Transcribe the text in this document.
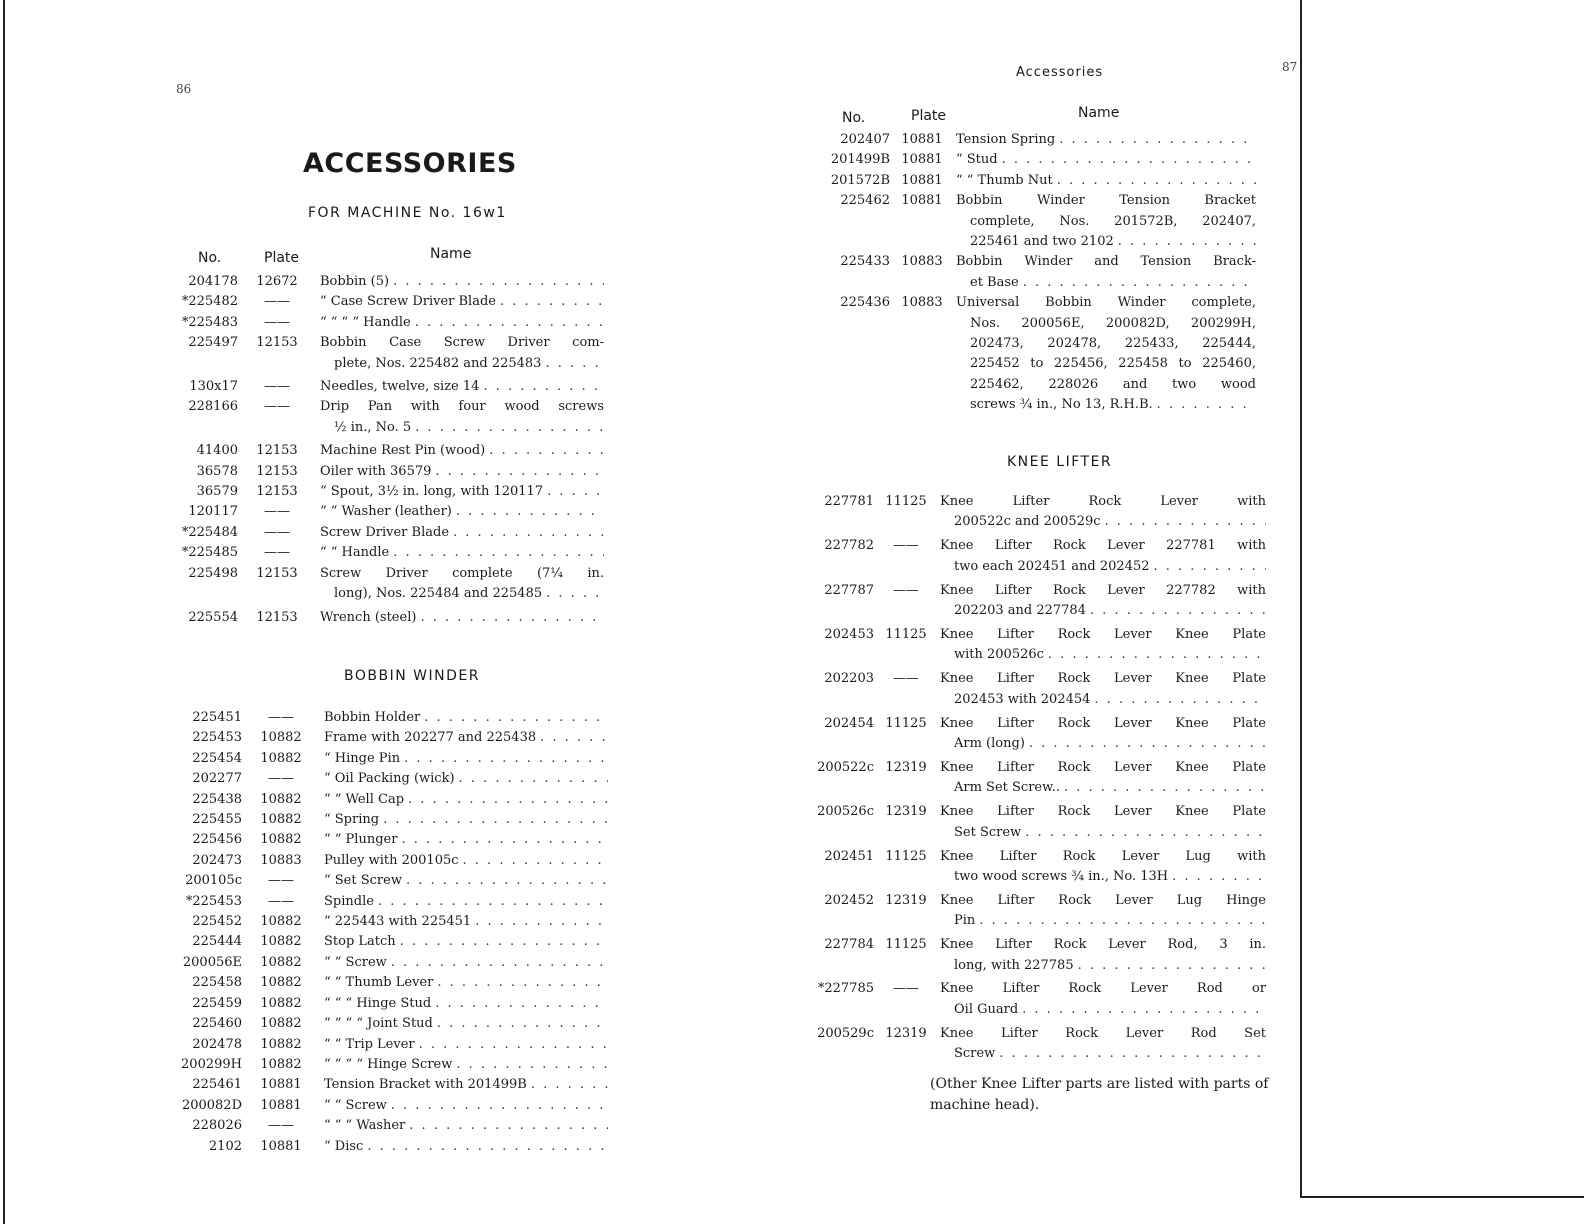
86
87
Accessories
ACCESSORIES
FOR MACHINE No. 16w1
No.	Plate	Name
204178	12672	Bobbin (5)
. . .
*225482	——	“ Case Screw Driver Blade
. . .
*225483	——	“ “ “ “ Handle
. . .
225497	12153	Bobbin Case Screw Driver com-
plete, Nos. 225482 and 225483
. . .
130x17	——	Needles, twelve, size 14
. . .
228166	——	Drip Pan with four wood screws
½ in., No. 5
. . .
41400	12153	Machine Rest Pin (wood)
. . .
36578	12153	Oiler with 36579
. . .
36579	12153	“ Spout, 3½ in. long, with 120117
. . .
120117	——	“ “ Washer (leather)
. . .
*225484	——	Screw Driver Blade
. . .
*225485	——	“ “ Handle
. . .
225498	12153	Screw Driver complete (7¼ in.
long), Nos. 225484 and 225485
. . .
225554	12153	Wrench (steel)
. . .
BOBBIN WINDER
225451	——	Bobbin Holder
. . .
225453	10882	Frame with 202277 and 225438
. . .
225454	10882	“ Hinge Pin
. . .
202277	——	“ Oil Packing (wick)
. . .
225438	10882	“ “ Well Cap
. . .
225455	10882	“ Spring
. . .
225456	10882	“ “ Plunger
. . .
202473	10883	Pulley with 200105c
. . .
200105c	——	“ Set Screw
. . .
*225453	——	Spindle
. . .
225452	10882	“ 225443 with 225451
. . .
225444	10882	Stop Latch
. . .
200056E	10882	“ “ Screw
. . .
225458	10882	“ “ Thumb Lever
. . .
225459	10882	“ “ “ Hinge Stud
. . .
225460	10882	“ “ “ “ Joint Stud
. . .
202478	10882	“ “ Trip Lever
. . .
200299H	10882	“ “ “ “ Hinge Screw
. . .
225461	10881	Tension Bracket with 201499B
. . .
200082D	10881	“ “ Screw
. . .
228026	——	“ “ “ Washer
. . .
2102	10881	“ Disc
. . .
No.	Plate	Name
202407 10881	Tension Spring
. . .
201499B 10881	“ Stud
. . .
201572B 10881	“ “ Thumb Nut
. . .
225462 10881	Bobbin Winder Tension Bracket
complete, Nos. 201572B, 202407,
225461 and two 2102
. . .
225433 10883	Bobbin Winder and Tension Brack-
et Base
. . .
225436 10883	Universal Bobbin Winder complete,
Nos. 200056E, 200082D, 200299H,
202473, 202478, 225433, 225444,
225452 to 225456, 225458 to 225460,
225462, 228026 and two wood
screws ¾ in., No 13, R.H.B.
. . .
KNEE LIFTER
227781 11125	Knee Lifter Rock Lever with
200522c and 200529c
. . .
227782	——	Knee Lifter Rock Lever 227781 with
two each 202451 and 202452
. . .
227787	——	Knee Lifter Rock Lever 227782 with
202203 and 227784
. . .
202453 11125	Knee Lifter Rock Lever Knee Plate
with 200526c
. . .
202203	——	Knee Lifter Rock Lever Knee Plate
202453 with 202454
. . .
202454 11125	Knee Lifter Rock Lever Knee Plate
Arm (long)
. . .
200522c 12319	Knee Lifter Rock Lever Knee Plate
Arm Set Screw..
. . .
200526c 12319	Knee Lifter Rock Lever Knee Plate
Set Screw
. . .
202451 11125	Knee Lifter Rock Lever Lug with
two wood screws ¾ in., No. 13H
. . .
202452 12319	Knee Lifter Rock Lever Lug Hinge
Pin
. . .
227784 11125	Knee Lifter Rock Lever Rod, 3 in.
long, with 227785
. . .
*227785	——	Knee Lifter Rock Lever Rod or
Oil Guard
. . .
200529c 12319	Knee Lifter Rock Lever Rod Set
Screw
. . .
(Other Knee Lifter parts are listed with parts of machine head).
